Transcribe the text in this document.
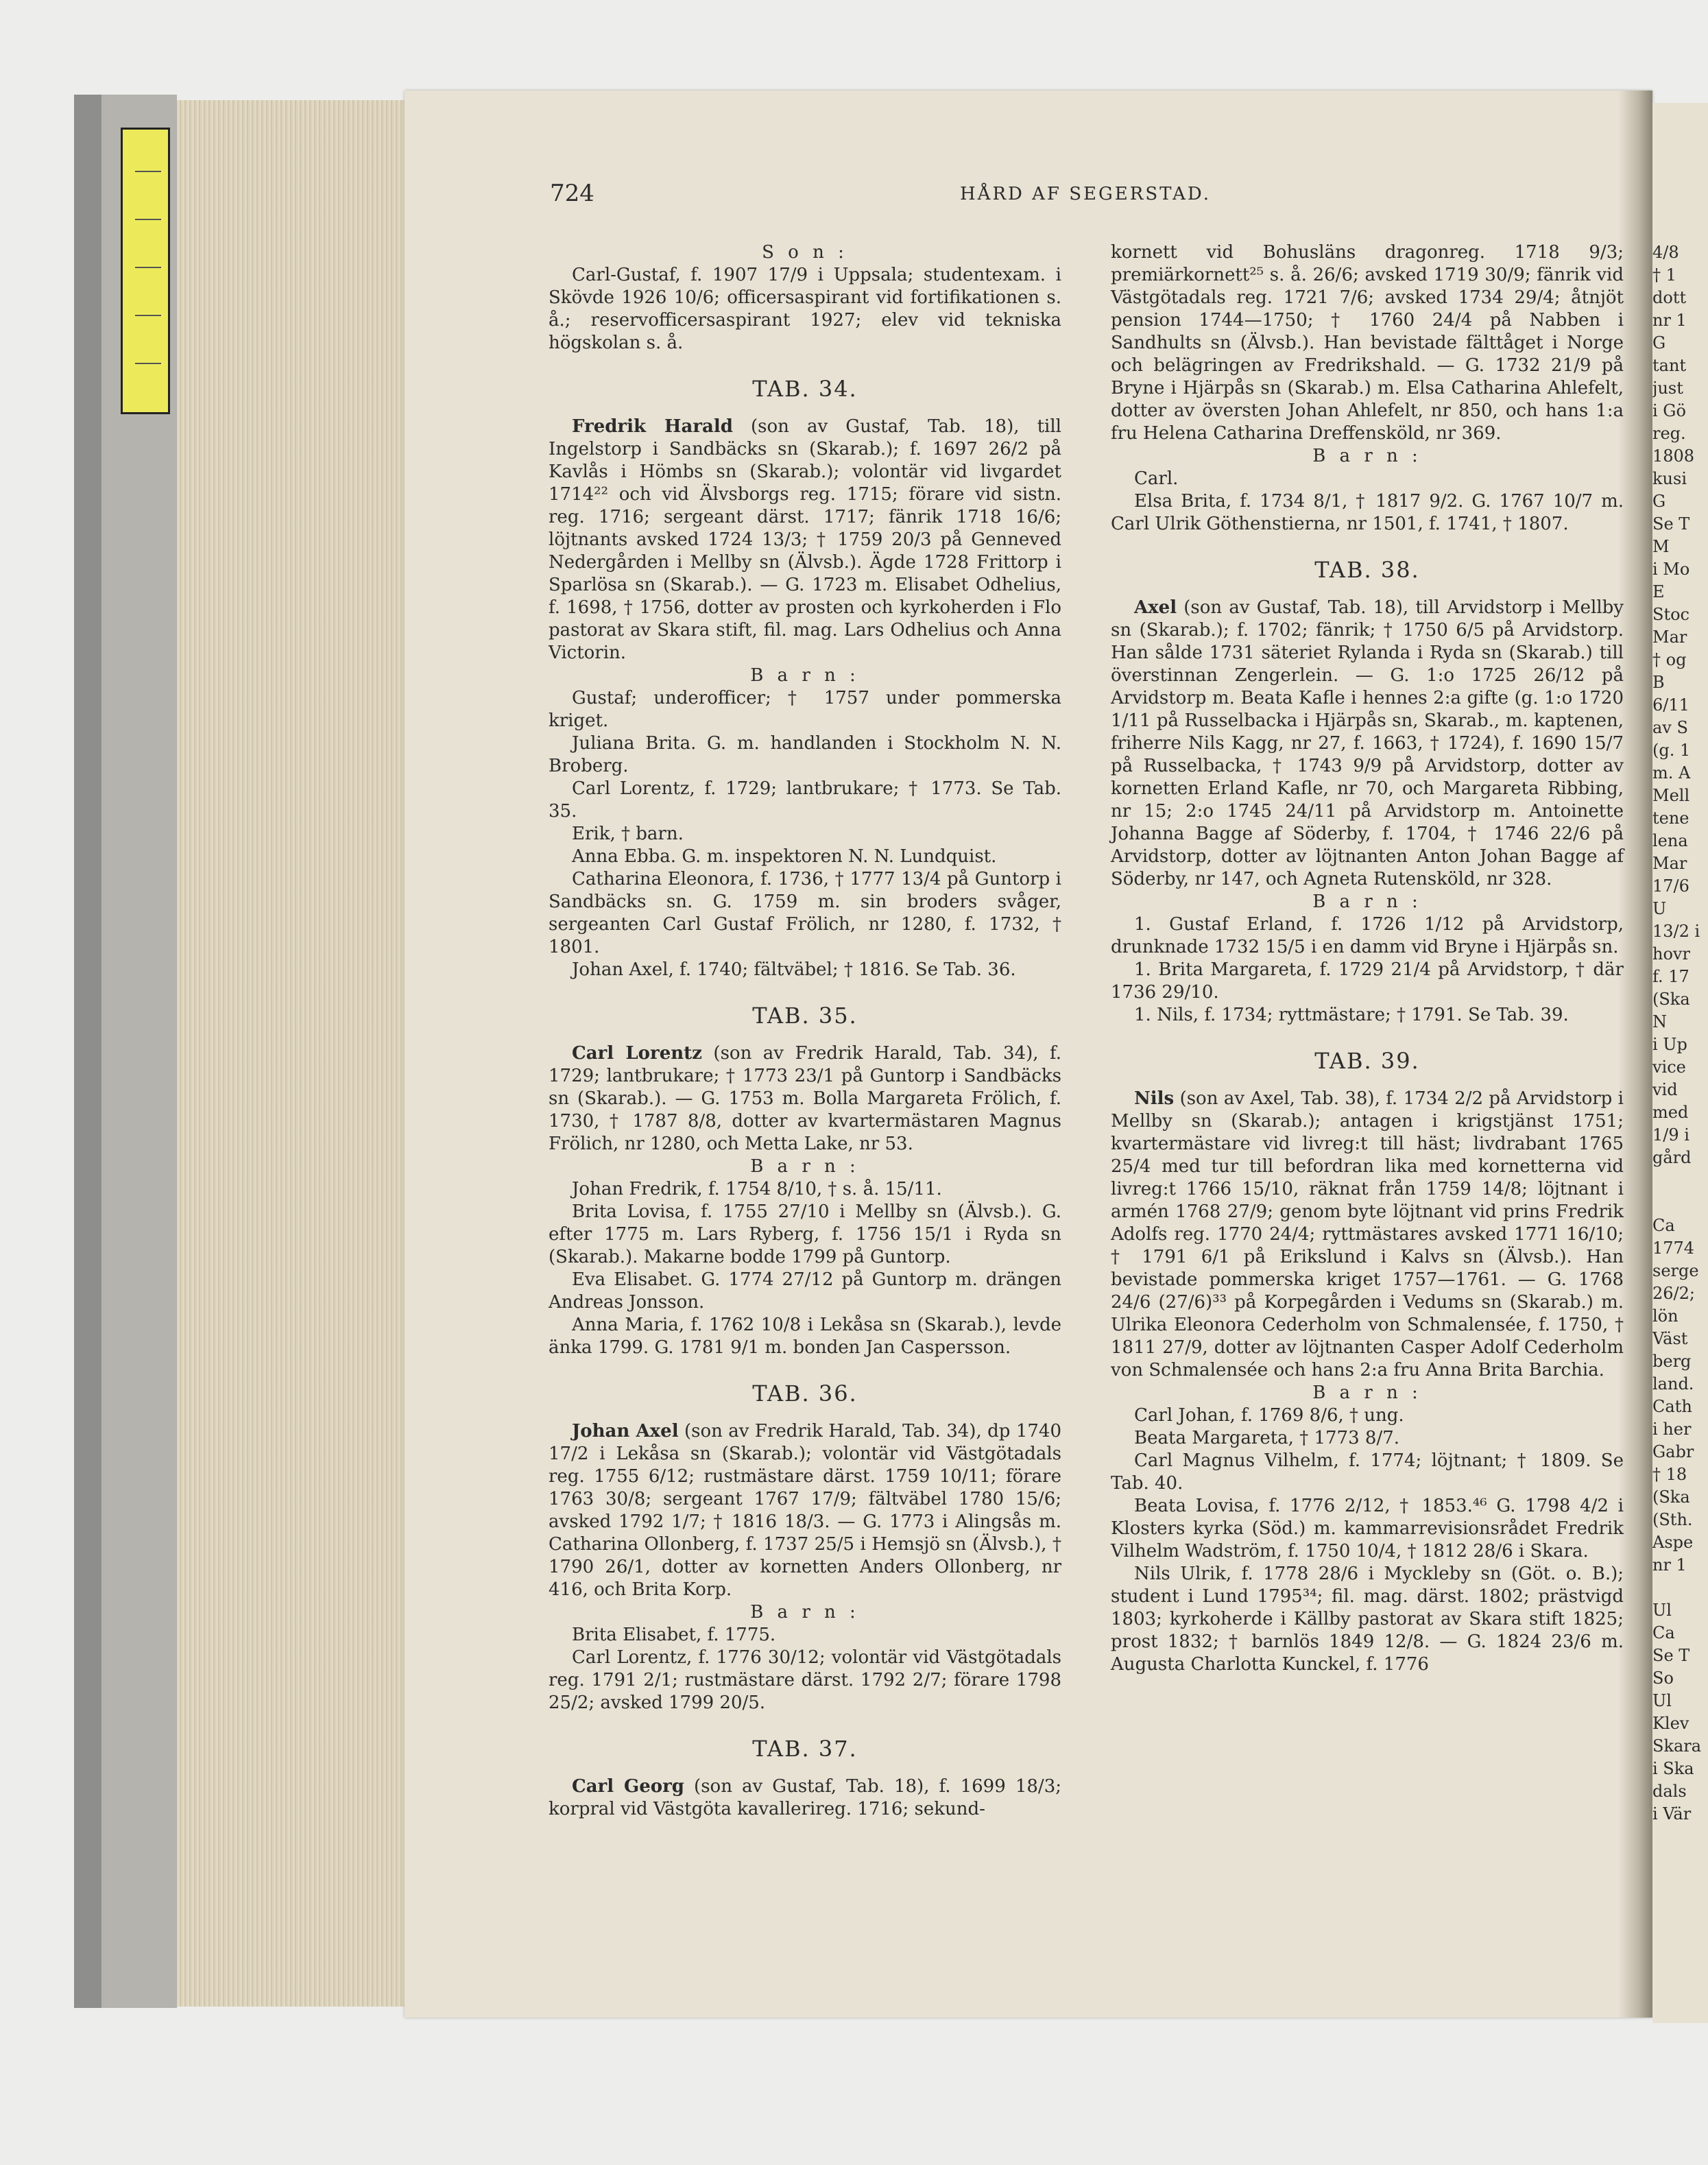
724	HÅRD AF SEGERSTAD.
S o n :

Carl-Gustaf, f. 1907 17/9 i Uppsala; studentexam. i Skövde 1926 10/6; officersaspirant vid fortifikationen s. å.; reservofficersaspirant 1927; elev vid tekniska högskolan s. å.

TAB. 34.

Fredrik Harald (son av Gustaf, Tab. 18), till Ingelstorp i Sandbäcks sn (Skarab.); f. 1697 26/2 på Kavlås i Hömbs sn (Skarab.); volontär vid livgardet 1714²² och vid Älvsborgs reg. 1715; förare vid sistn. reg. 1716; sergeant därst. 1717; fänrik 1718 16/6; löjtnants avsked 1724 13/3; † 1759 20/3 på Genneved Nedergården i Mellby sn (Älvsb.). Ägde 1728 Frittorp i Sparlösa sn (Skarab.). — G. 1723 m. Elisabet Odhelius, f. 1698, † 1756, dotter av prosten och kyrkoherden i Flo pastorat av Skara stift, fil. mag. Lars Odhelius och Anna Victorin.

B a r n :

Gustaf; underofficer; † 1757 under pommerska kriget.

Juliana Brita. G. m. handlanden i Stockholm N. N. Broberg.

Carl Lorentz, f. 1729; lantbrukare; † 1773. Se Tab. 35.

Erik, † barn.

Anna Ebba. G. m. inspektoren N. N. Lundquist.

Catharina Eleonora, f. 1736, † 1777 13/4 på Guntorp i Sandbäcks sn. G. 1759 m. sin broders svåger, sergeanten Carl Gustaf Frölich, nr 1280, f. 1732, † 1801.

Johan Axel, f. 1740; fältväbel; † 1816. Se Tab. 36.

TAB. 35.

Carl Lorentz (son av Fredrik Harald, Tab. 34), f. 1729; lantbrukare; † 1773 23/1 på Guntorp i Sandbäcks sn (Skarab.). — G. 1753 m. Bolla Margareta Frölich, f. 1730, † 1787 8/8, dotter av kvartermästaren Magnus Frölich, nr 1280, och Metta Lake, nr 53.

B a r n :

Johan Fredrik, f. 1754 8/10, † s. å. 15/11.

Brita Lovisa, f. 1755 27/10 i Mellby sn (Älvsb.). G. efter 1775 m. Lars Ryberg, f. 1756 15/1 i Ryda sn (Skarab.). Makarne bodde 1799 på Guntorp.

Eva Elisabet. G. 1774 27/12 på Guntorp m. drängen Andreas Jonsson.

Anna Maria, f. 1762 10/8 i Lekåsa sn (Skarab.), levde änka 1799. G. 1781 9/1 m. bonden Jan Caspersson.

TAB. 36.

Johan Axel (son av Fredrik Harald, Tab. 34), dp 1740 17/2 i Lekåsa sn (Skarab.); volontär vid Västgötadals reg. 1755 6/12; rustmästare därst. 1759 10/11; förare 1763 30/8; sergeant 1767 17/9; fältväbel 1780 15/6; avsked 1792 1/7; † 1816 18/3. — G. 1773 i Alingsås m. Catharina Ollonberg, f. 1737 25/5 i Hemsjö sn (Älvsb.), † 1790 26/1, dotter av kornetten Anders Ollonberg, nr 416, och Brita Korp.

B a r n :

Brita Elisabet, f. 1775.

Carl Lorentz, f. 1776 30/12; volontär vid Västgötadals reg. 1791 2/1; rustmästare därst. 1792 2/7; förare 1798 25/2; avsked 1799 20/5.

TAB. 37.

Carl Georg (son av Gustaf, Tab. 18), f. 1699 18/3; korpral vid Västgöta kavallerireg. 1716; sekund-

kornett vid Bohusläns dragonreg. 1718 9/3; premiärkornett²⁵ s. å. 26/6; avsked 1719 30/9; fänrik vid Västgötadals reg. 1721 7/6; avsked 1734 29/4; åtnjöt pension 1744—1750; † 1760 24/4 på Nabben i Sandhults sn (Älvsb.). Han bevistade fälttåget i Norge och belägringen av Fredrikshald. — G. 1732 21/9 på Bryne i Hjärpås sn (Skarab.) m. Elsa Catharina Ahlefelt, dotter av översten Johan Ahlefelt, nr 850, och hans 1:a fru Helena Catharina Dreffensköld, nr 369.

B a r n :

Carl.

Elsa Brita, f. 1734 8/1, † 1817 9/2. G. 1767 10/7 m. Carl Ulrik Göthenstierna, nr 1501, f. 1741, † 1807.

TAB. 38.

Axel (son av Gustaf, Tab. 18), till Arvidstorp i Mellby sn (Skarab.); f. 1702; fänrik; † 1750 6/5 på Arvidstorp. Han sålde 1731 säteriet Rylanda i Ryda sn (Skarab.) till överstinnan Zengerlein. — G. 1:o 1725 26/12 på Arvidstorp m. Beata Kafle i hennes 2:a gifte (g. 1:o 1720 1/11 på Russelbacka i Hjärpås sn, Skarab., m. kaptenen, friherre Nils Kagg, nr 27, f. 1663, † 1724), f. 1690 15/7 på Russelbacka, † 1743 9/9 på Arvidstorp, dotter av kornetten Erland Kafle, nr 70, och Margareta Ribbing, nr 15; 2:o 1745 24/11 på Arvidstorp m. Antoinette Johanna Bagge af Söderby, f. 1704, † 1746 22/6 på Arvidstorp, dotter av löjtnanten Anton Johan Bagge af Söderby, nr 147, och Agneta Rutensköld, nr 328.

B a r n :

1. Gustaf Erland, f. 1726 1/12 på Arvidstorp, drunknade 1732 15/5 i en damm vid Bryne i Hjärpås sn.

1. Brita Margareta, f. 1729 21/4 på Arvidstorp, † där 1736 29/10.

1. Nils, f. 1734; ryttmästare; † 1791. Se Tab. 39.

TAB. 39.

Nils (son av Axel, Tab. 38), f. 1734 2/2 på Arvidstorp i Mellby sn (Skarab.); antagen i krigstjänst 1751; kvartermästare vid livreg:t till häst; livdrabant 1765 25/4 med tur till befordran lika med kornetterna vid livreg:t 1766 15/10, räknat från 1759 14/8; löjtnant i armén 1768 27/9; genom byte löjtnant vid prins Fredrik Adolfs reg. 1770 24/4; ryttmästares avsked 1771 16/10; † 1791 6/1 på Erikslund i Kalvs sn (Älvsb.). Han bevistade pommerska kriget 1757—1761. — G. 1768 24/6 (27/6)³³ på Korpegården i Vedums sn (Skarab.) m. Ulrika Eleonora Cederholm von Schmalensée, f. 1750, † 1811 27/9, dotter av löjtnanten Casper Adolf Cederholm von Schmalensée och hans 2:a fru Anna Brita Barchia.

B a r n :

Carl Johan, f. 1769 8/6, † ung.

Beata Margareta, † 1773 8/7.

Carl Magnus Vilhelm, f. 1774; löjtnant; † 1809. Se Tab. 40.

Beata Lovisa, f. 1776 2/12, † 1853.⁴⁶ G. 1798 4/2 i Klosters kyrka (Söd.) m. kammarrevisionsrådet Fredrik Vilhelm Wadström, f. 1750 10/4, † 1812 28/6 i Skara.

Nils Ulrik, f. 1778 28/6 i Myckleby sn (Göt. o. B.); student i Lund 1795³⁴; fil. mag. därst. 1802; prästvigd 1803; kyrkoherde i Källby pastorat av Skara stift 1825; prost 1832; † barnlös 1849 12/8. — G. 1824 23/6 m. Augusta Charlotta Kunckel, f. 1776

4/8

† 1

dott

nr 1

G

tant

just

i Gö

reg.

1808

kusi

G

Se T

M

i Mo

E

Stoc

Mar

† og

B

6/11

av S

(g. 1

m. A

Mell

tene

lena

Mar

17/6

U

13/2 i

hovr

f. 17

(Ska

N

i Up

vice

vid

med

1/9 i

gård

Ca

1774

serge

26/2;

lön

Väst

berg

land.

Cath

i her

Gabr

† 18

(Ska

(Sth.

Aspe

nr 1

Ul

Ca

Se T

So

Ul

Klev

Skara

i Ska

dals

i Vär
